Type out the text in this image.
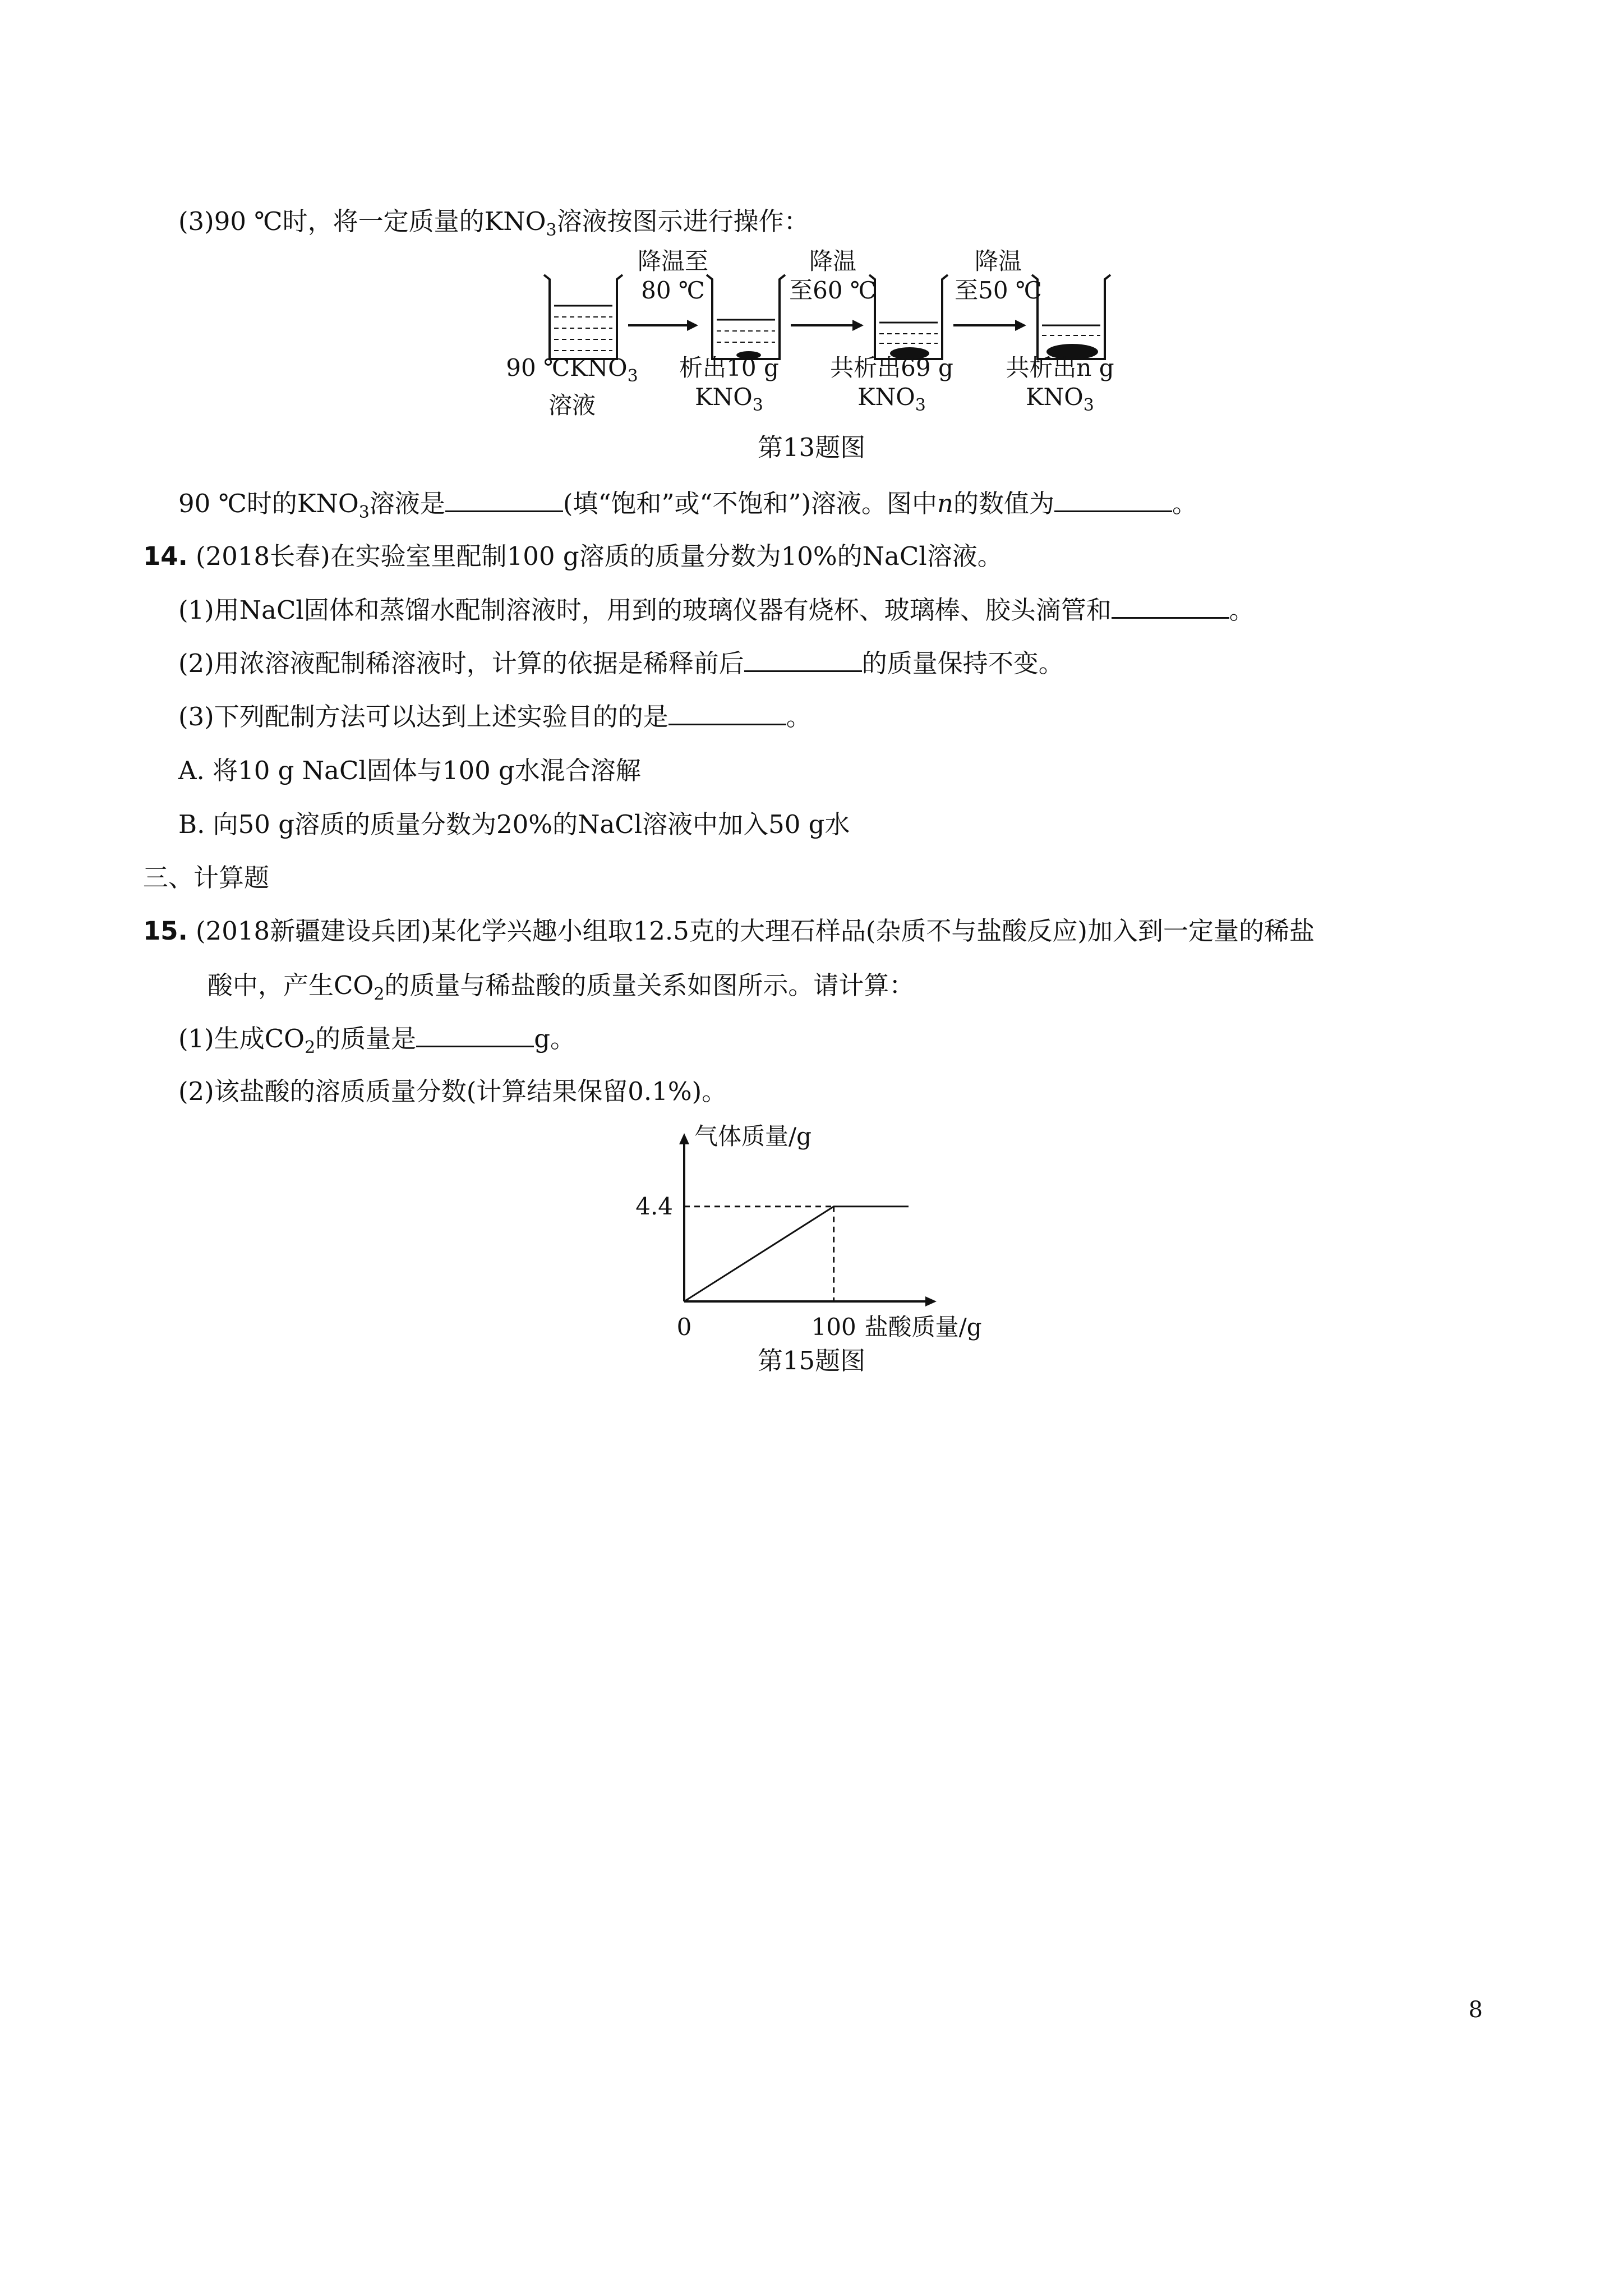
(3)90 ℃时，将一定质量的$KNO_3$溶液按图示进行操作：
降温至
80 ℃
降温
至60 ℃
降温
至50 ℃
90 $℃KNO_3$
溶液
析出10 g
$KNO_3$
共析出69 g
$KNO_3$
共析出n g
$KNO_3$
第13题图
90 ℃时的$KNO_3$溶液是	(填“饱和”或“不饱和”)溶液。图中n的数值为	。
14. (2018长春)在实验室里配制100 g溶质的质量分数为10%的NaCl溶液。
(1)用NaCl固体和蒸馏水配制溶液时，用到的玻璃仪器有烧杯、玻璃棒、胶头滴管和	。
(2)用浓溶液配制稀溶液时，计算的依据是稀释前后	的质量保持不变。
(3)下列配制方法可以达到上述实验目的的是	。
A. 将10 g NaCl固体与100 g水混合溶解
B. 向50 g溶质的质量分数为20%的NaCl溶液中加入50 g水
三、计算题
15. (2018新疆建设兵团)某化学兴趣小组取12.5克的大理石样品(杂质不与盐酸反应)加入到一定量的稀盐
酸中，产生$CO_2$的质量与稀盐酸的质量关系如图所示。请计算：
(1)生成$CO_2$的质量是	g。
(2)该盐酸的溶质质量分数(计算结果保留0.1%)。
4.4
100
0
气体质量/g
盐酸质量/g
第15题图
8
